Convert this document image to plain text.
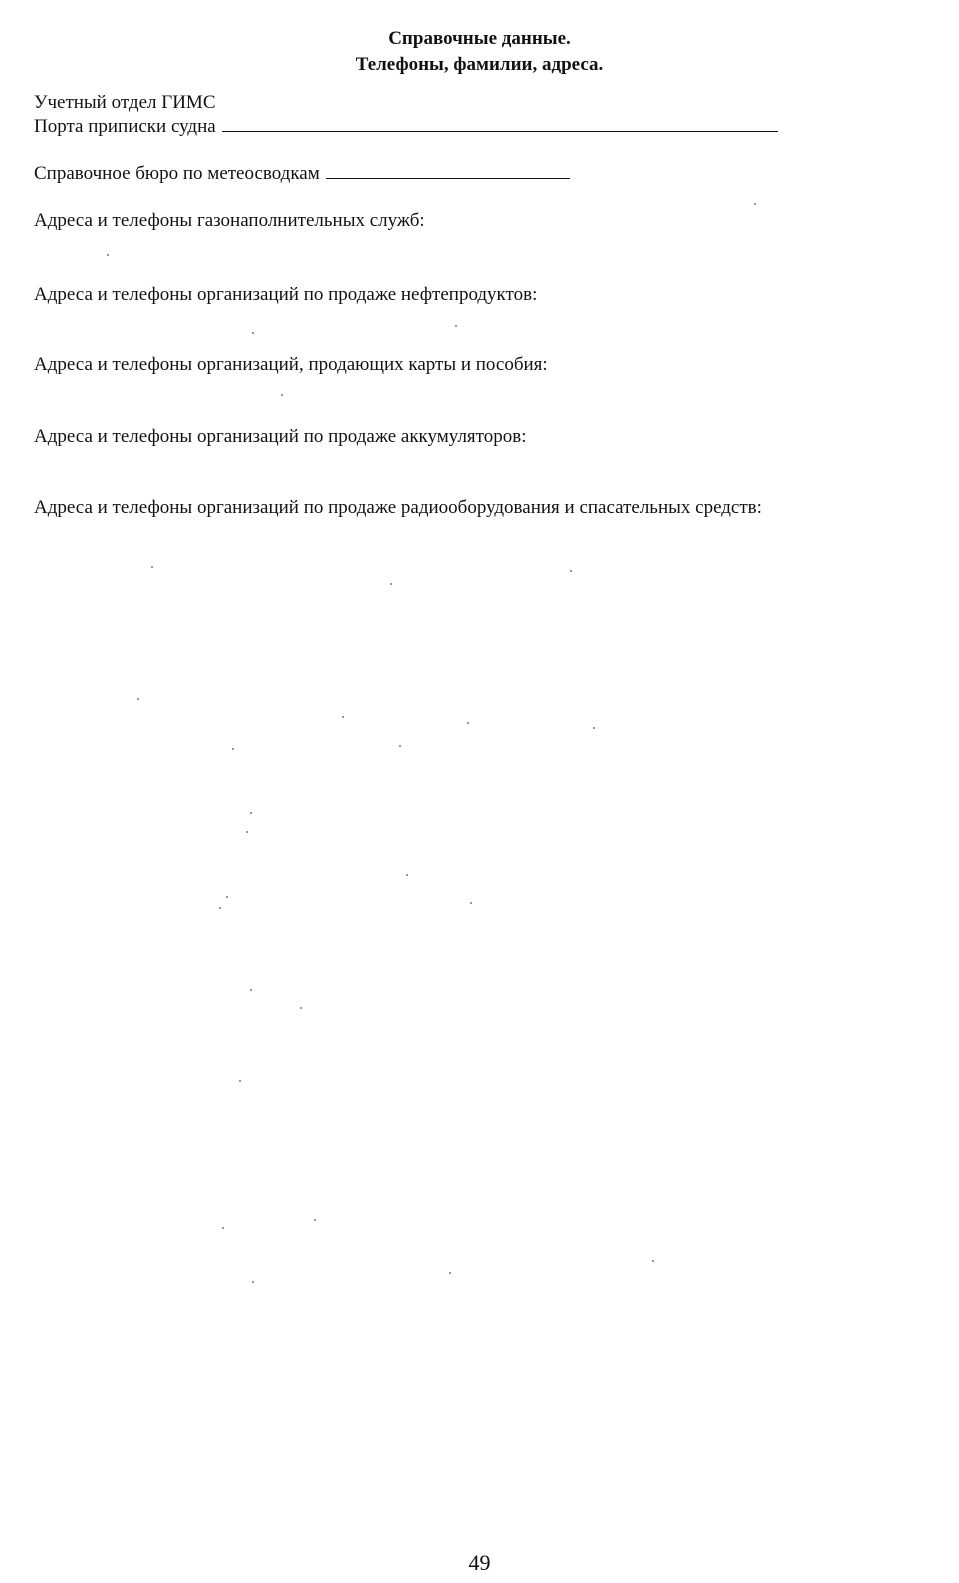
Справочные данные.
Телефоны, фамилии, адреса.
Учетный отдел ГИМС
Порта приписки судна
Справочное бюро по метеосводкам
Адреса и телефоны газонаполнительных служб:
Адреса и телефоны организаций по продаже нефтепродуктов:
Адреса и телефоны организаций, продающих карты и пособия:
Адреса и телефоны организаций по продаже аккумуляторов:
Адреса и телефоны организаций по продаже радиооборудования и спасательных средств:
49
